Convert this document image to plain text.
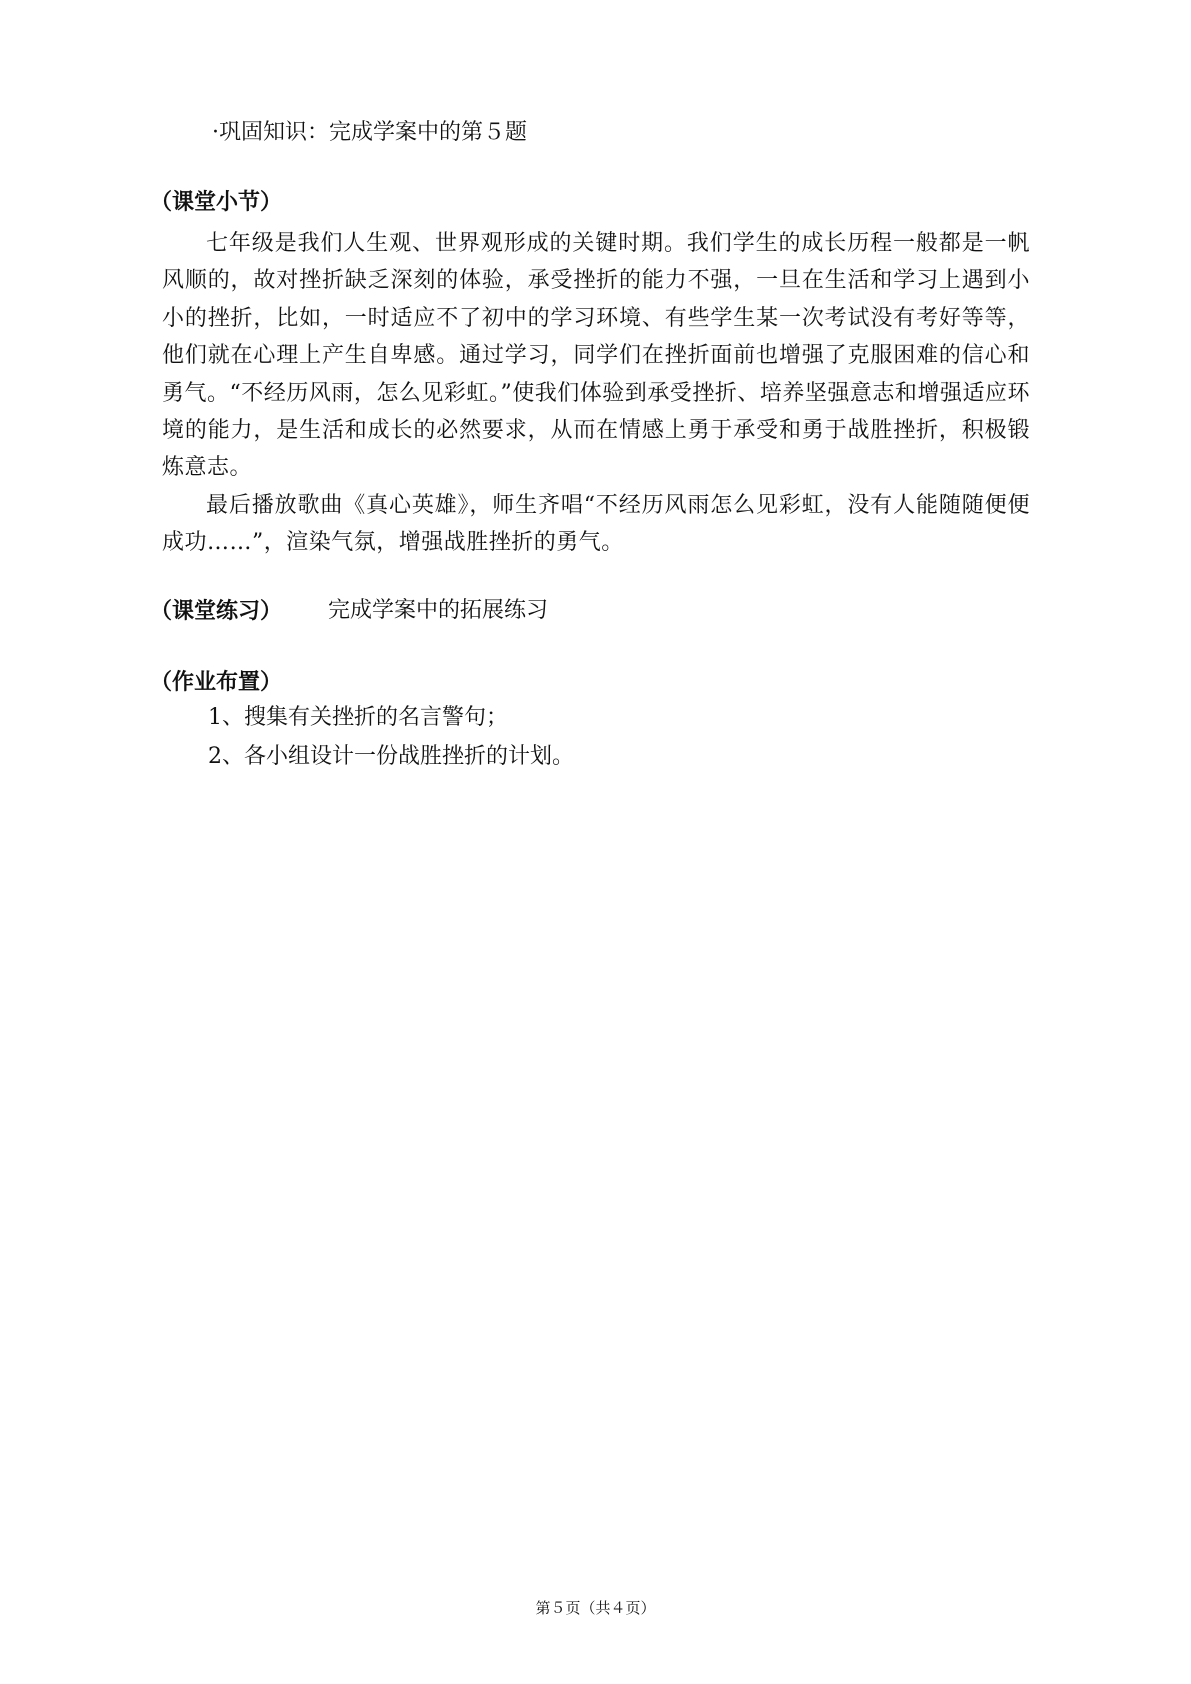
·巩固知识：完成学案中的第５题
（课堂小节）
七年级是我们人生观、世界观形成的关键时期。我们学生的成长历程一般都是一帆风顺的，故对挫折缺乏深刻的体验，承受挫折的能力不强，一旦在生活和学习上遇到小小的挫折，比如，一时适应不了初中的学习环境、有些学生某一次考试没有考好等等，他们就在心理上产生自卑感。通过学习，同学们在挫折面前也增强了克服困难的信心和勇气。“不经历风雨，怎么见彩虹。”使我们体验到承受挫折、培养坚强意志和增强适应环境的能力，是生活和成长的必然要求，从而在情感上勇于承受和勇于战胜挫折，积极锻炼意志。
最后播放歌曲《真心英雄》，师生齐唱“不经历风雨怎么见彩虹，没有人能随随便便成功……”，渲染气氛，增强战胜挫折的勇气。
（课堂练习） 完成学案中的拓展练习
（作业布置）
1、搜集有关挫折的名言警句；
2、各小组设计一份战胜挫折的计划。
第５页（共４页）
